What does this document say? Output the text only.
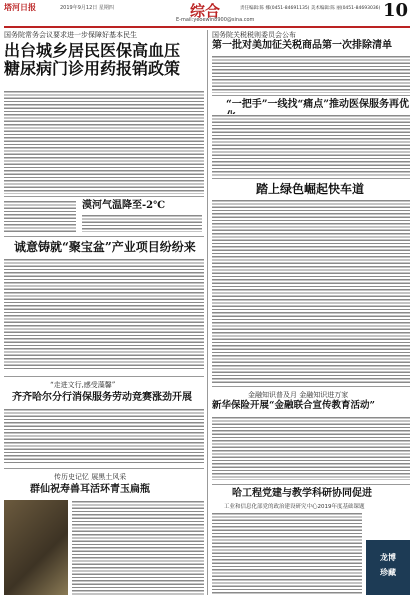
塔河日报	2019年9月12日 星期四	综合
E-mail:yeoewin8900@sina.com
责任编辑:陈 娜(0451-84691135) 美术编辑:陈 丽(0451-84693036) 10
国务院常务会议要求进一步保障好基本民生
出台城乡居民医保高血压
糖尿病门诊用药报销政策
漠河气温降至-2℃
诚意铸就“聚宝盆”产业项目纷纷来
“走进文行,感受藻馨”
齐齐哈尔分行消保服务劳动竞赛涨劲开展
传历史记忆 展黑土风采
群仙祝寿兽耳活环青玉扁瓶
国务院关税税则委员会公布
第一批对美加征关税商品第一次排除清单
“一把手”一线找“痛点”推动医保服务再优
踏上绿色崛起快车道
金融知识普及月 金融知识进万家
新华保险开展“金融联合宣传教育活动”
哈工程党建与教学科研协同促进
工业和信息化部党的政治建设研究中心2019年度基础课题
龙博
珍藏
